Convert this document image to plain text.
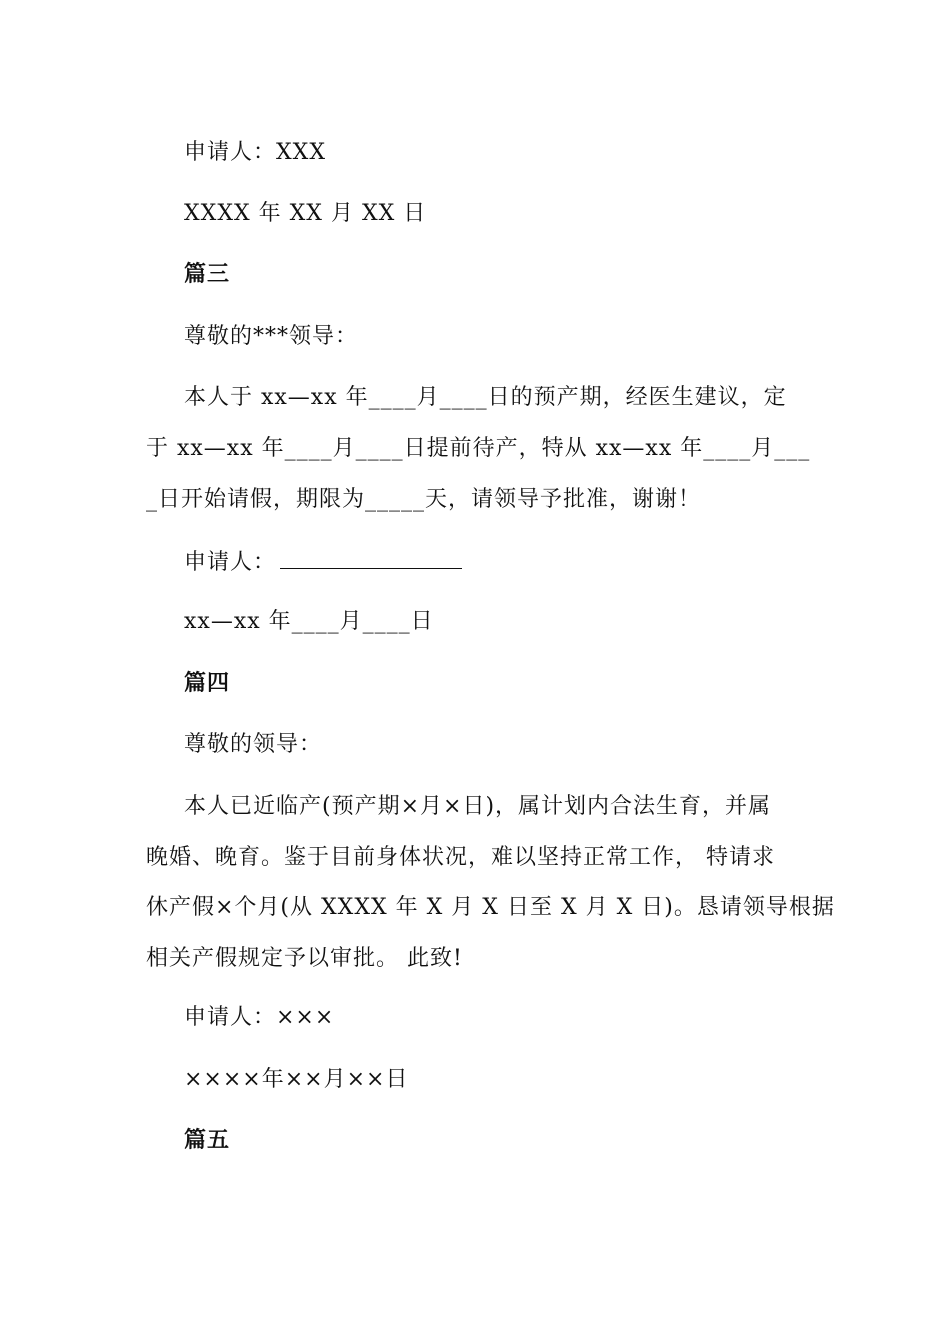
申请人：XXX
XXXX 年 XX 月 XX 日
篇三
尊敬的***领导：
本人于 xx—xx 年____月____日的预产期，经医生建议，定
于 xx—xx 年____月____日提前待产，特从 xx—xx 年____月___
_日开始请假，期限为_____天，请领导予批准，谢谢！
申请人：
xx—xx 年____月____日
篇四
尊敬的领导：
本人已近临产(预产期×月×日)，属计划内合法生育，并属
晚婚、晚育。鉴于目前身体状况，难以坚持正常工作， 特请求
休产假×个月(从 XXXX 年 X 月 X 日至 X 月 X 日)。恳请领导根据
相关产假规定予以审批。 此致!
申请人：×××
××××年××月××日
篇五
